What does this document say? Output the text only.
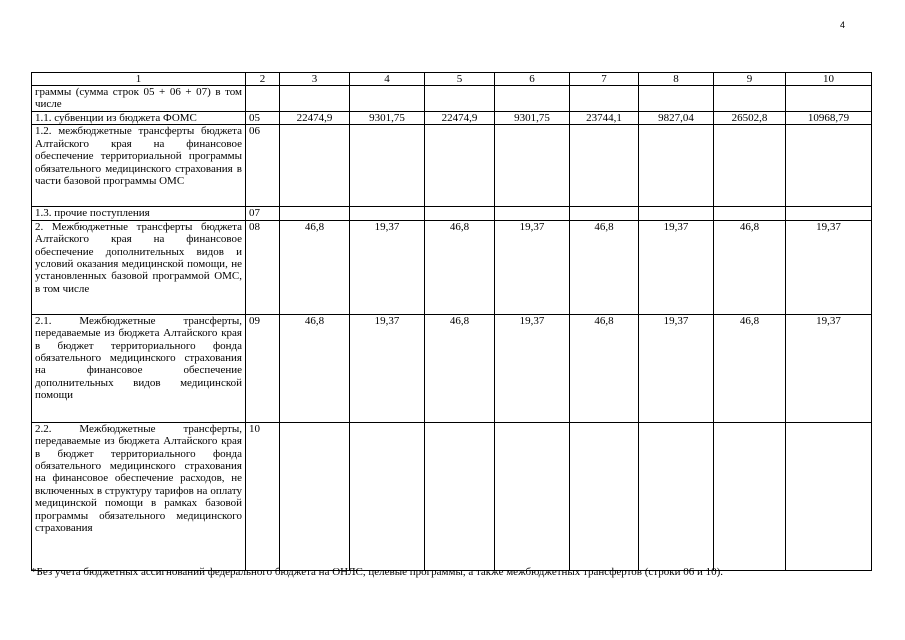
4
1	2	3	4	5	6	7	8	9	10
граммы (сумма строк 05 + 06 + 07) в том числе									
1.1. субвенции из бюджета ФОМС	05	22474,9	9301,75	22474,9	9301,75	23744,1	9827,04	26502,8	10968,79
1.2. межбюджетные трансферты бюджета Алтайского края на финансовое обеспечение территориальной программы обязательного медицинского страхования в части базовой программы ОМС	06								
1.3. прочие поступления	07								
2. Межбюджетные трансферты бюджета Алтайского края на финансовое обеспечение дополнительных видов и условий оказания медицинской помощи, не установленных базовой программой ОМС, в том числе	08	46,8	19,37	46,8	19,37	46,8	19,37	46,8	19,37
2.1. Межбюджетные трансферты, передаваемые из бюджета Алтайского края в бюджет территориального фонда обязательного медицинского страхования на финансовое обеспечение дополнительных видов медицинской помощи	09	46,8	19,37	46,8	19,37	46,8	19,37	46,8	19,37
2.2. Межбюджетные трансферты, передаваемые из бюджета Алтайского края в бюджет территориального фонда обязательного медицинского страхования на финансовое обеспечение расходов, не включенных в структуру тарифов на оплату медицинской помощи в рамках базовой программы обязательного медицинского страхования	10								
*Без учета бюджетных ассигнований федерального бюджета на ОНЛС, целевые программы, а также межбюджетных трансфертов (строки 06 и 10).
